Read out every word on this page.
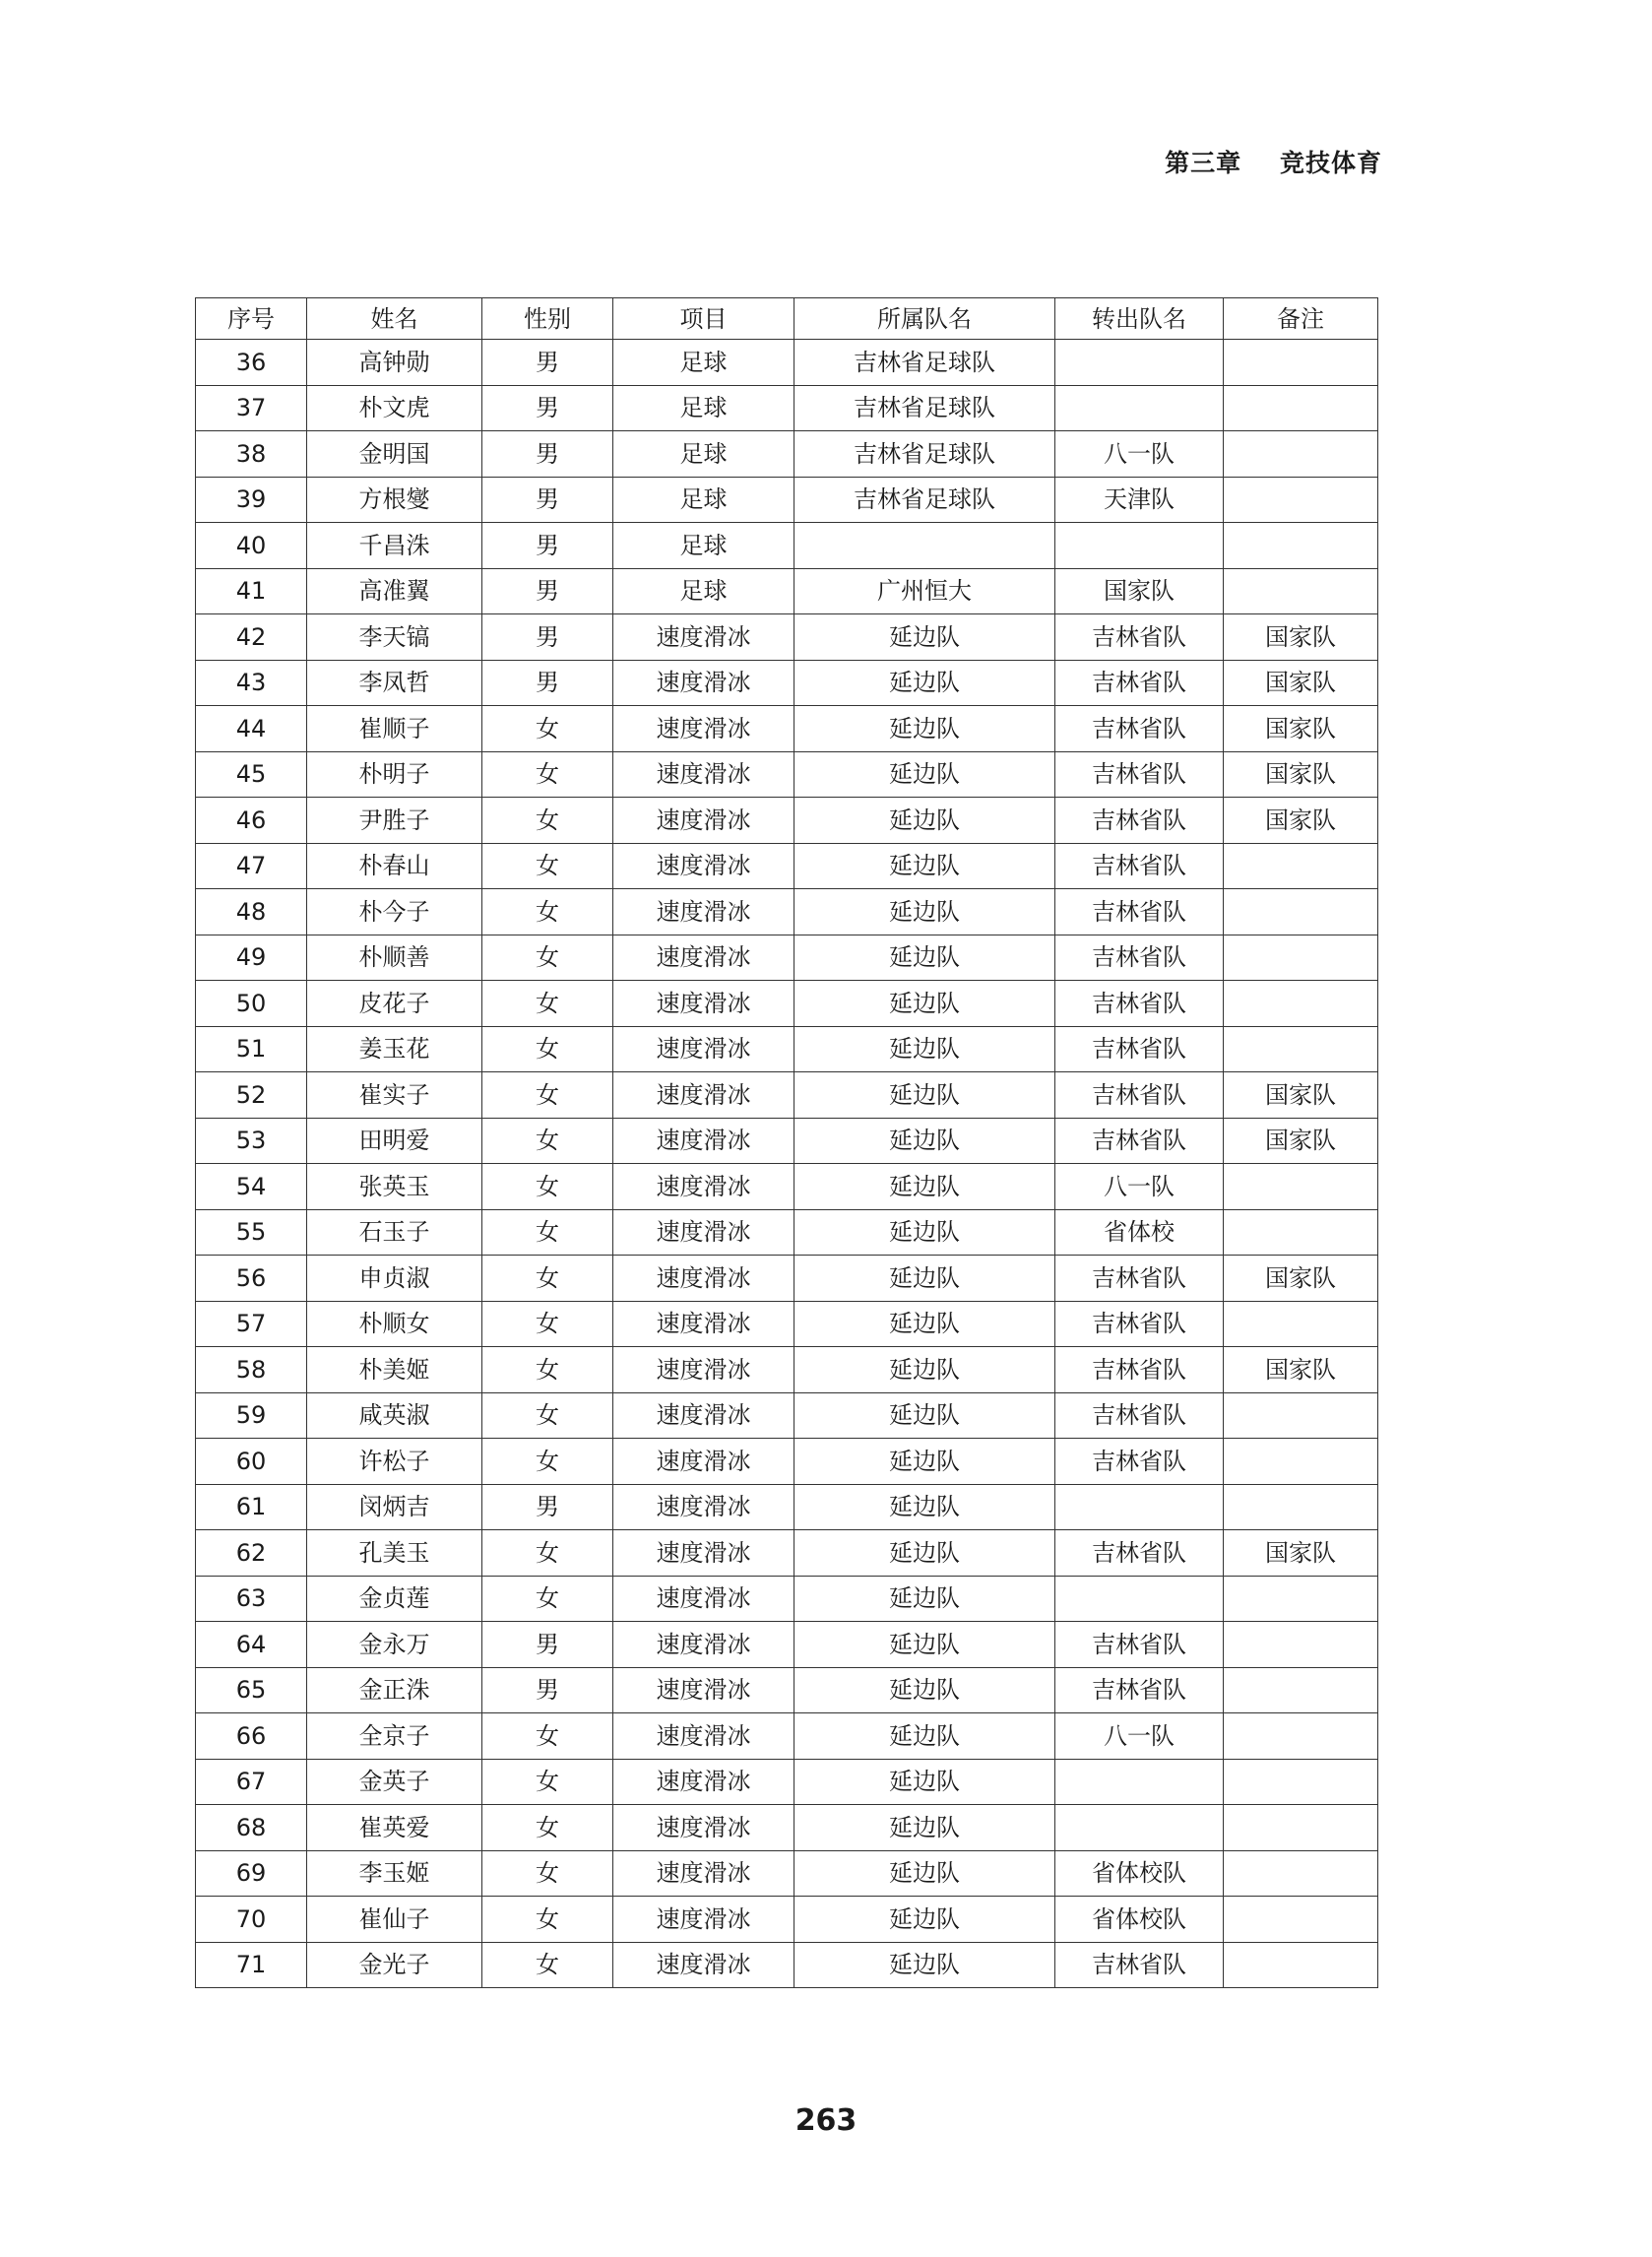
第三章 竞技体育
序号	姓名	性别	项目	所属队名	转出队名	备注
36	高钟勋	男	足球	吉林省足球队		
37	朴文虎	男	足球	吉林省足球队		
38	金明国	男	足球	吉林省足球队	八一队	
39	方根燮	男	足球	吉林省足球队	天津队	
40	千昌洙	男	足球			
41	高准翼	男	足球	广州恒大	国家队	
42	李天镐	男	速度滑冰	延边队	吉林省队	国家队
43	李凤哲	男	速度滑冰	延边队	吉林省队	国家队
44	崔顺子	女	速度滑冰	延边队	吉林省队	国家队
45	朴明子	女	速度滑冰	延边队	吉林省队	国家队
46	尹胜子	女	速度滑冰	延边队	吉林省队	国家队
47	朴春山	女	速度滑冰	延边队	吉林省队	
48	朴今子	女	速度滑冰	延边队	吉林省队	
49	朴顺善	女	速度滑冰	延边队	吉林省队	
50	皮花子	女	速度滑冰	延边队	吉林省队	
51	姜玉花	女	速度滑冰	延边队	吉林省队	
52	崔实子	女	速度滑冰	延边队	吉林省队	国家队
53	田明爱	女	速度滑冰	延边队	吉林省队	国家队
54	张英玉	女	速度滑冰	延边队	八一队	
55	石玉子	女	速度滑冰	延边队	省体校	
56	申贞淑	女	速度滑冰	延边队	吉林省队	国家队
57	朴顺女	女	速度滑冰	延边队	吉林省队	
58	朴美姬	女	速度滑冰	延边队	吉林省队	国家队
59	咸英淑	女	速度滑冰	延边队	吉林省队	
60	许松子	女	速度滑冰	延边队	吉林省队	
61	闵炳吉	男	速度滑冰	延边队		
62	孔美玉	女	速度滑冰	延边队	吉林省队	国家队
63	金贞莲	女	速度滑冰	延边队		
64	金永万	男	速度滑冰	延边队	吉林省队	
65	金正洙	男	速度滑冰	延边队	吉林省队	
66	全京子	女	速度滑冰	延边队	八一队	
67	金英子	女	速度滑冰	延边队		
68	崔英爱	女	速度滑冰	延边队		
69	李玉姬	女	速度滑冰	延边队	省体校队	
70	崔仙子	女	速度滑冰	延边队	省体校队	
71	金光子	女	速度滑冰	延边队	吉林省队	
263
